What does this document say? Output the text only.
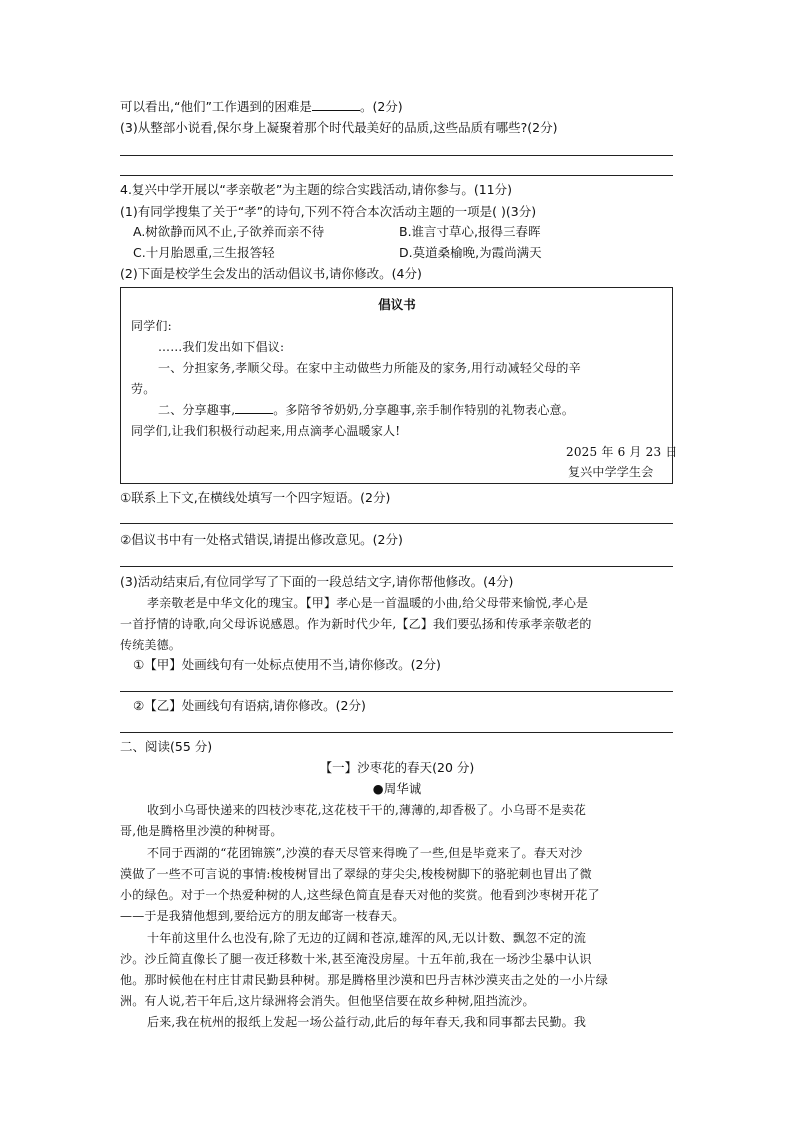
可以看出,“他们”工作遇到的困难是	。(2分)
(3)从整部小说看,保尔身上凝聚着那个时代最美好的品质,这些品质有哪些?(2分)
4.复兴中学开展以“孝亲敬老”为主题的综合实践活动,请你参与。(11分)
(1)有同学搜集了关于“孝”的诗句,下列不符合本次活动主题的一项是( )(3分)
A.树欲静而风不止,子欲养而亲不待	B.谁言寸草心,报得三春晖
C.十月胎恩重,三生报答轻	D.莫道桑榆晚,为霞尚满天
(2)下面是校学生会发出的活动倡议书,请你修改。(4分)
倡议书
同学们:
……我们发出如下倡议:
一、分担家务,孝顺父母。在家中主动做些力所能及的家务,用行动减轻父母的辛
劳。
二、分享趣事,	。多陪爷爷奶奶,分享趣事,亲手制作特别的礼物表心意。
同学们,让我们积极行动起来,用点滴孝心温暖家人!
2025 年 6 月 23 日
复兴中学学生会
①联系上下文,在横线处填写一个四字短语。(2分)
②倡议书中有一处格式错误,请提出修改意见。(2分)
(3)活动结束后,有位同学写了下面的一段总结文字,请你帮他修改。(4分)
孝亲敬老是中华文化的瑰宝。【甲】孝心是一首温暖的小曲,给父母带来愉悦,孝心是
一首抒情的诗歌,向父母诉说感恩。作为新时代少年,【乙】我们要弘扬和传承孝亲敬老的
传统美德。
①【甲】处画线句有一处标点使用不当,请你修改。(2分)
②【乙】处画线句有语病,请你修改。(2分)
二、阅读(55 分)
【一】沙枣花的春天(20 分)
●周华诚
收到小乌哥快递来的四枝沙枣花,这花枝干干的,薄薄的,却香极了。小乌哥不是卖花
哥,他是腾格里沙漠的种树哥。
不同于西湖的“花团锦簇”,沙漠的春天尽管来得晚了一些,但是毕竟来了。春天对沙
漠做了一些不可言说的事情:梭梭树冒出了翠绿的芽尖尖,梭梭树脚下的骆驼刺也冒出了微
小的绿色。对于一个热爱种树的人,这些绿色简直是春天对他的奖赏。他看到沙枣树开花了
——于是我猜他想到,要给远方的朋友邮寄一枝春天。
十年前这里什么也没有,除了无边的辽阔和苍凉,雄浑的风,无以计数、飘忽不定的流
沙。沙丘简直像长了腿一夜迁移数十米,甚至淹没房屋。十五年前,我在一场沙尘暴中认识
他。那时候他在村庄甘肃民勤县种树。那是腾格里沙漠和巴丹吉林沙漠夹击之处的一小片绿
洲。有人说,若干年后,这片绿洲将会消失。但他坚信要在故乡种树,阻挡流沙。
后来,我在杭州的报纸上发起一场公益行动,此后的每年春天,我和同事都去民勤。我
